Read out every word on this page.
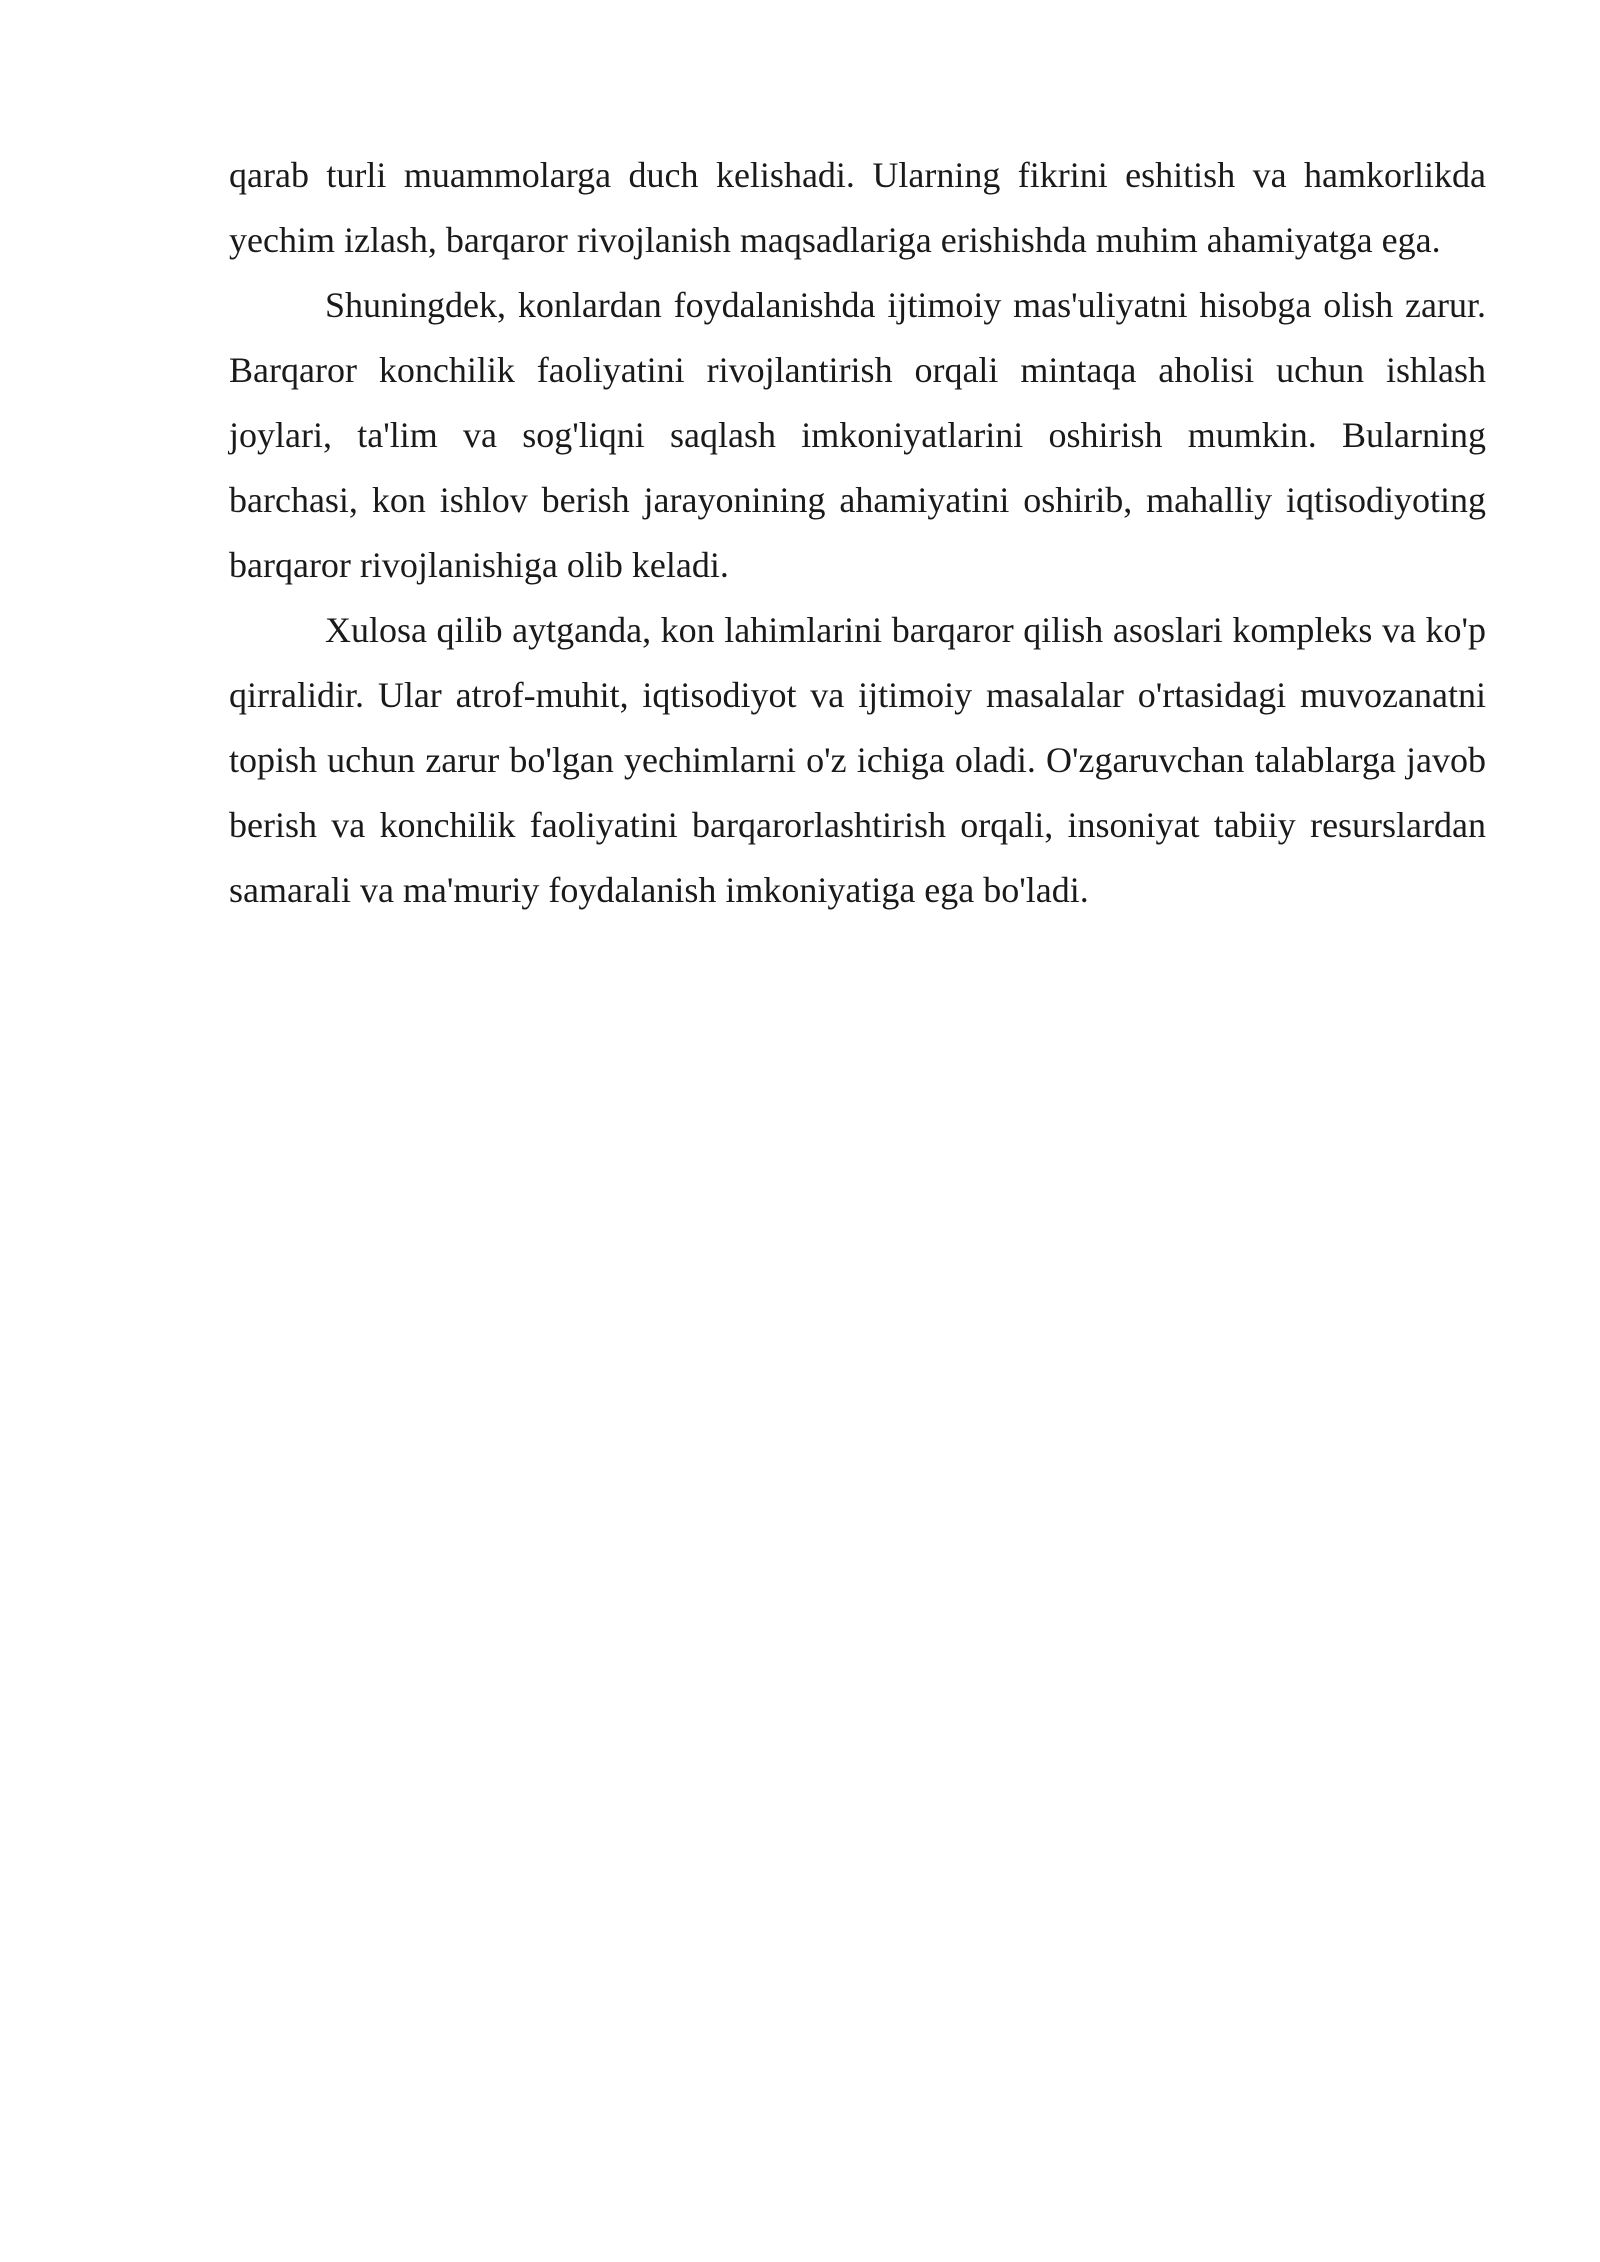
qarab turli muammolarga duch kelishadi. Ularning fikrini eshitish va hamkorlikda yechim izlash, barqaror rivojlanish maqsadlariga erishishda muhim ahamiyatga ega.

Shuningdek, konlardan foydalanishda ijtimoiy mas'uliyatni hisobga olish zarur. Barqaror konchilik faoliyatini rivojlantirish orqali mintaqa aholisi uchun ishlash joylari, ta'lim va sog'liqni saqlash imkoniyatlarini oshirish mumkin. Bularning barchasi, kon ishlov berish jarayonining ahamiyatini oshirib, mahalliy iqtisodiyoting barqaror rivojlanishiga olib keladi.

Xulosa qilib aytganda, kon lahimlarini barqaror qilish asoslari kompleks va ko'p qirralidir. Ular atrof-muhit, iqtisodiyot va ijtimoiy masalalar o'rtasidagi muvozanatni topish uchun zarur bo'lgan yechimlarni o'z ichiga oladi. O'zgaruvchan talablarga javob berish va konchilik faoliyatini barqarorlashtirish orqali, insoniyat tabiiy resurslardan samarali va ma'muriy foydalanish imkoniyatiga ega bo'ladi.
